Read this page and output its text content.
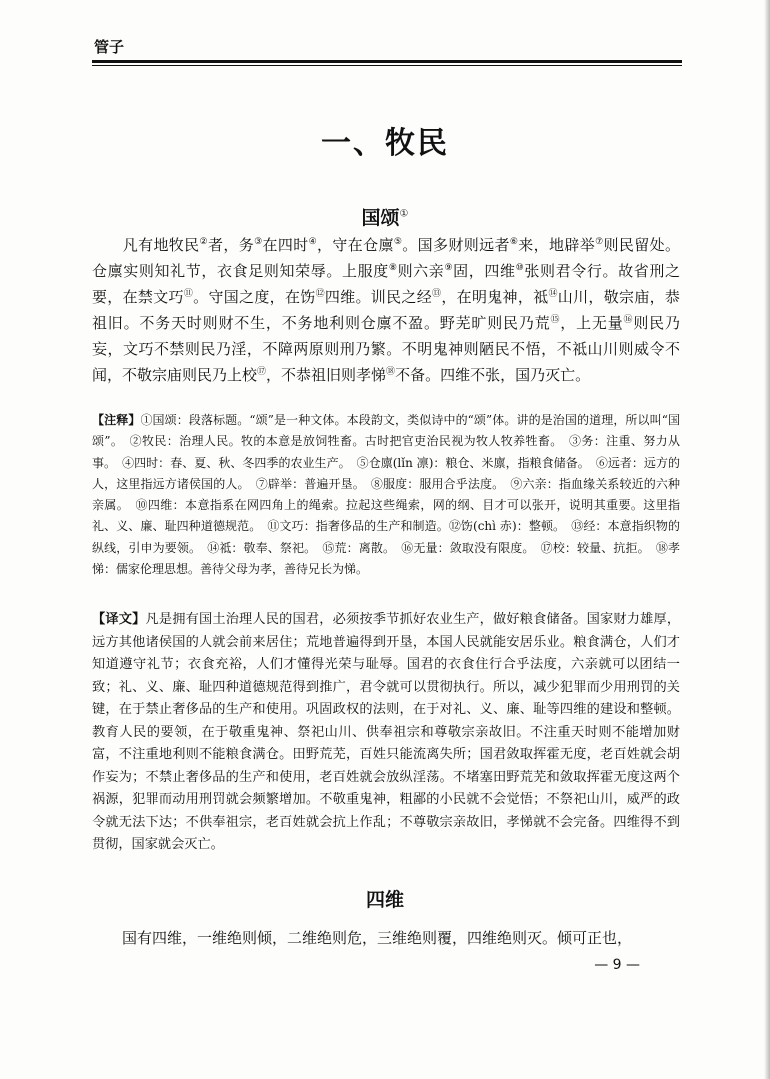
管子
一、牧民
国颂①
　　凡有地牧民②者，务③在四时④，守在仓廪⑤。国多财则远者⑥来，地辟举⑦则民留处。仓廪实则知礼节，衣食足则知荣辱。上服度⑧则六亲⑨固，四维⑩张则君令行。故省刑之要，在禁文巧⑪。守国之度，在饬⑫四维。训民之经⑬，在明鬼神，祗⑭山川，敬宗庙，恭祖旧。不务天时则财不生，不务地利则仓廪不盈。野芜旷则民乃荒⑮，上无量⑯则民乃妄，文巧不禁则民乃淫，不障两原则刑乃繁。不明鬼神则陋民不悟，不祗山川则威令不闻，不敬宗庙则民乃上校⑰，不恭祖旧则孝悌⑱不备。四维不张，国乃灭亡。
【注释】①国颂：段落标题。“颂”是一种文体。本段韵文，类似诗中的“颂”体。讲的是治国的道理，所以叫“国颂”。　②牧民：治理人民。牧的本意是放饲牲畜。古时把官吏治民视为牧人牧养牲畜。　③务：注重、努力从事。　④四时：春、夏、秋、冬四季的农业生产。　⑤仓廪(lǐn 凛)：粮仓、米廪，指粮食储备。　⑥远者：远方的人，这里指远方诸侯国的人。　⑦辟举：普遍开垦。　⑧服度：服用合乎法度。　⑨六亲：指血缘关系较近的六种亲属。　⑩四维：本意指系在网四角上的绳索。拉起这些绳索，网的纲、目才可以张开，说明其重要。这里指礼、义、廉、耻四种道德规范。　⑪文巧：指奢侈品的生产和制造。⑫饬(chì 赤)：整顿。　⑬经：本意指织物的纵线，引申为要领。　⑭祗：敬奉、祭祀。　⑮荒：离散。　⑯无量：敛取没有限度。　⑰校：较量、抗拒。　⑱孝悌：儒家伦理思想。善待父母为孝，善待兄长为悌。
【译文】凡是拥有国土治理人民的国君，必须按季节抓好农业生产，做好粮食储备。国家财力雄厚，远方其他诸侯国的人就会前来居住；荒地普遍得到开垦，本国人民就能安居乐业。粮食满仓，人们才知道遵守礼节；衣食充裕，人们才懂得光荣与耻辱。国君的衣食住行合乎法度，六亲就可以团结一致；礼、义、廉、耻四种道德规范得到推广，君令就可以贯彻执行。所以，减少犯罪而少用刑罚的关键，在于禁止奢侈品的生产和使用。巩固政权的法则，在于对礼、义、廉、耻等四维的建设和整顿。教育人民的要领，在于敬重鬼神、祭祀山川、供奉祖宗和尊敬宗亲故旧。不注重天时则不能增加财富，不注重地利则不能粮食满仓。田野荒芜，百姓只能流离失所；国君敛取挥霍无度，老百姓就会胡作妄为；不禁止奢侈品的生产和使用，老百姓就会放纵淫荡。不堵塞田野荒芜和敛取挥霍无度这两个祸源，犯罪而动用刑罚就会频繁增加。不敬重鬼神，粗鄙的小民就不会觉悟；不祭祀山川，威严的政令就无法下达；不供奉祖宗，老百姓就会抗上作乱；不尊敬宗亲故旧，孝悌就不会完备。四维得不到贯彻，国家就会灭亡。
四维
　　国有四维，一维绝则倾，二维绝则危，三维绝则覆，四维绝则灭。倾可正也，
— 9 —
